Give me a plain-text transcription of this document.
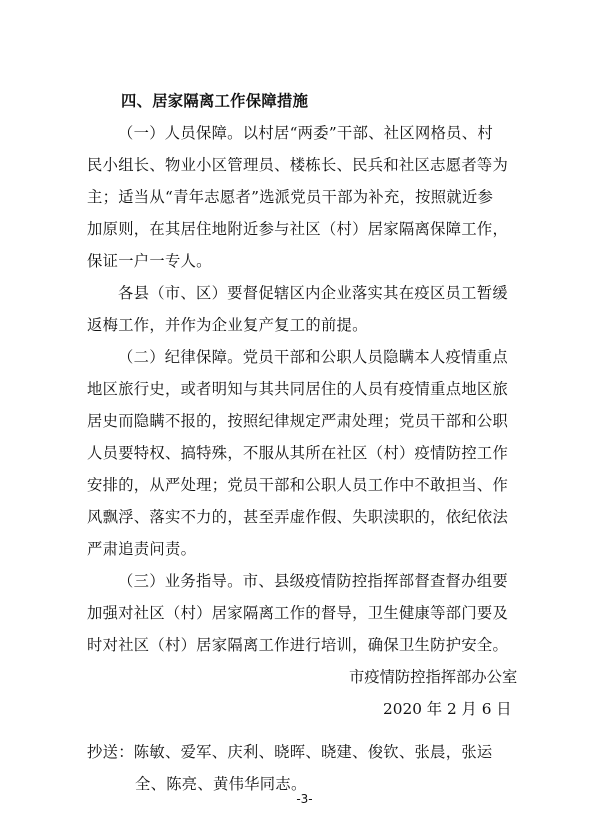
四、居家隔离工作保障措施
（一）人员保障。以村居“两委”干部、社区网格员、村
民小组长、物业小区管理员、楼栋长、民兵和社区志愿者等为
主；适当从“青年志愿者”选派党员干部为补充，按照就近参
加原则，在其居住地附近参与社区（村）居家隔离保障工作，
保证一户一专人。
各县（市、区）要督促辖区内企业落实其在疫区员工暂缓
返梅工作，并作为企业复产复工的前提。
（二）纪律保障。党员干部和公职人员隐瞒本人疫情重点
地区旅行史，或者明知与其共同居住的人员有疫情重点地区旅
居史而隐瞒不报的，按照纪律规定严肃处理；党员干部和公职
人员要特权、搞特殊，不服从其所在社区（村）疫情防控工作
安排的，从严处理；党员干部和公职人员工作中不敢担当、作
风飘浮、落实不力的，甚至弄虚作假、失职渎职的，依纪依法
严肃追责问责。
（三）业务指导。市、县级疫情防控指挥部督查督办组要
加强对社区（村）居家隔离工作的督导，卫生健康等部门要及
时对社区（村）居家隔离工作进行培训，确保卫生防护安全。
市疫情防控指挥部办公室
2020 年 2 月 6 日
抄送：陈敏、爱军、庆利、晓晖、晓建、俊钦、张晨，张运
全、陈亮、黄伟华同志。
-3-
